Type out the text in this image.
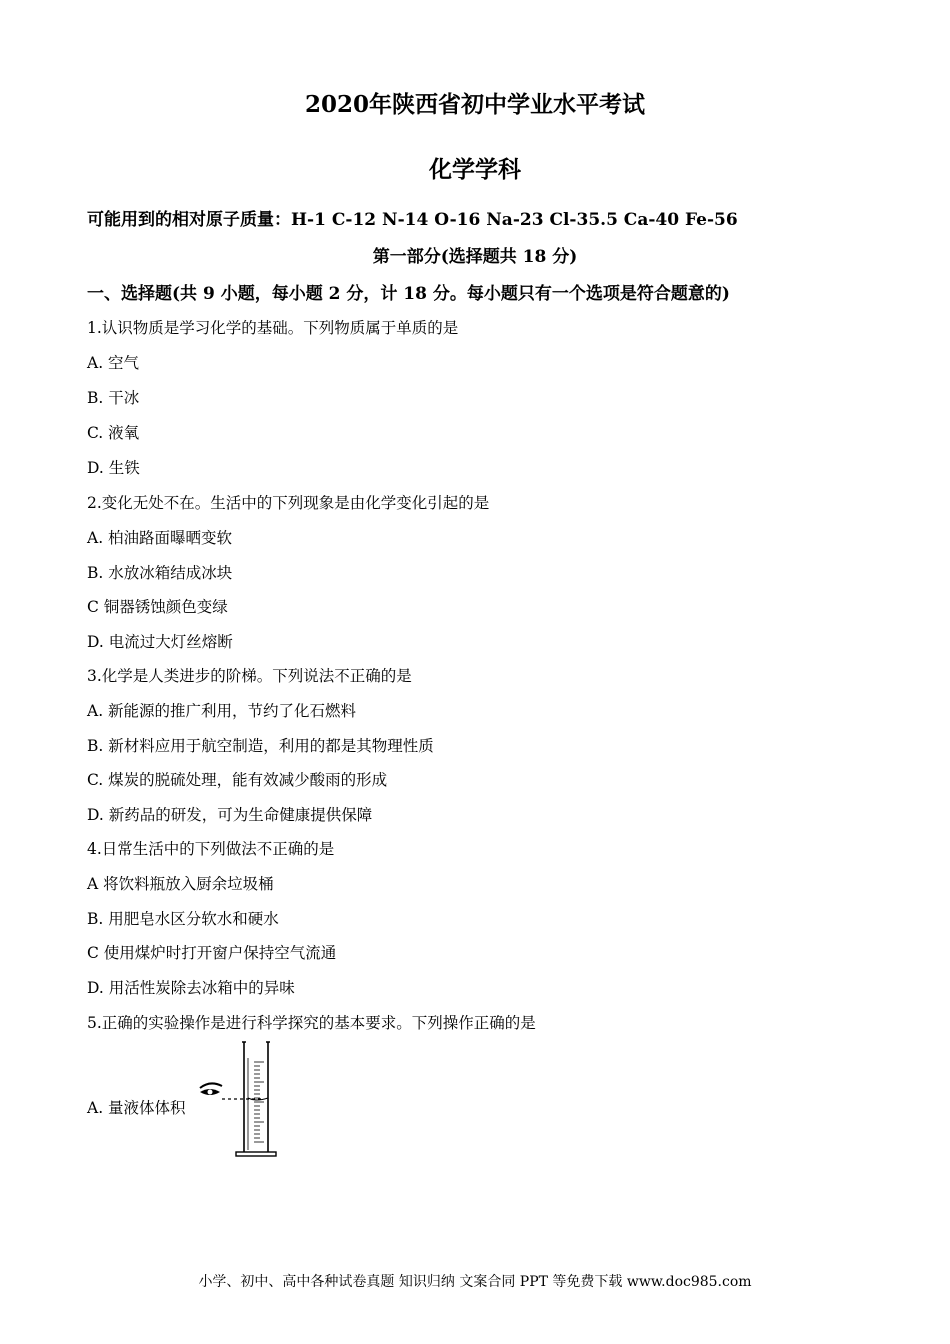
2020年陕西省初中学业水平考试
化学学科
可能用到的相对原子质量：H-1 C-12 N-14 O-16 Na-23 Cl-35.5 Ca-40 Fe-56
第一部分(选择题共 18 分)
一、选择题(共 9 小题，每小题 2 分，计 18 分。每小题只有一个选项是符合题意的)
1.认识物质是学习化学的基础。下列物质属于单质的是
A. 空气
B. 干冰
C. 液氧
D. 生铁
2.变化无处不在。生活中的下列现象是由化学变化引起的是
A. 柏油路面曝晒变软
B. 水放冰箱结成冰块
C 铜器锈蚀颜色变绿
D. 电流过大灯丝熔断
3.化学是人类进步的阶梯。下列说法不正确的是
A. 新能源的推广利用，节约了化石燃料
B. 新材料应用于航空制造，利用的都是其物理性质
C. 煤炭的脱硫处理，能有效减少酸雨的形成
D. 新药品的研发，可为生命健康提供保障
4.日常生活中的下列做法不正确的是
A 将饮料瓶放入厨余垃圾桶
B. 用肥皂水区分软水和硬水
C 使用煤炉时打开窗户保持空气流通
D. 用活性炭除去冰箱中的异味
5.正确的实验操作是进行科学探究的基本要求。下列操作正确的是
A. 量液体体积
小学、初中、高中各种试卷真题 知识归纳 文案合同 PPT 等免费下载 www.doc985.com
